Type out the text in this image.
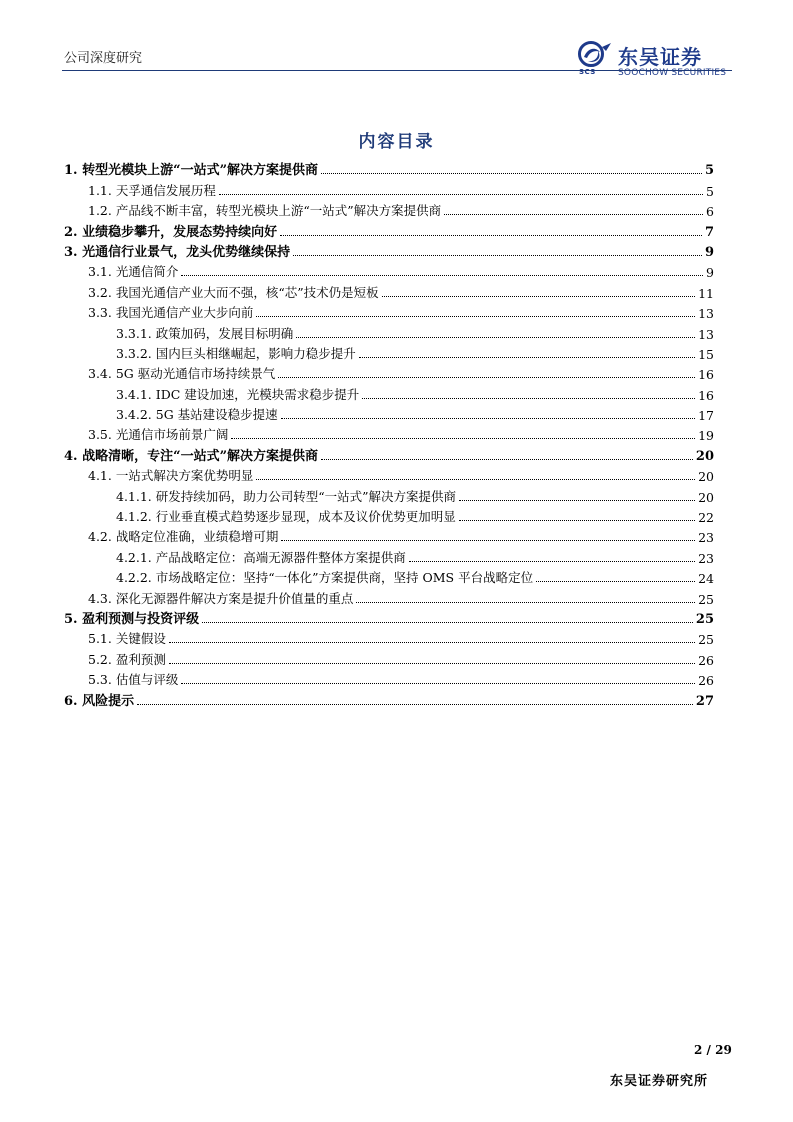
公司深度研究	东吴证券
SCS SOOCHOW SECURITIES
内容目录
1. 转型光模块上游“一站式”解决方案提供商	5
1.1. 天孚通信发展历程	5
1.2. 产品线不断丰富，转型光模块上游“一站式”解决方案提供商	6
2. 业绩稳步攀升，发展态势持续向好	7
3. 光通信行业景气，龙头优势继续保持	9
3.1. 光通信简介	9
3.2. 我国光通信产业大而不强，核“芯”技术仍是短板	11
3.3. 我国光通信产业大步向前	13
3.3.1. 政策加码，发展目标明确	13
3.3.2. 国内巨头相继崛起，影响力稳步提升	15
3.4. 5G 驱动光通信市场持续景气	16
3.4.1. IDC 建设加速，光模块需求稳步提升	16
3.4.2. 5G 基站建设稳步提速	17
3.5. 光通信市场前景广阔	19
4. 战略清晰，专注“一站式”解决方案提供商	20
4.1. 一站式解决方案优势明显	20
4.1.1. 研发持续加码，助力公司转型“一站式”解决方案提供商	20
4.1.2. 行业垂直模式趋势逐步显现，成本及议价优势更加明显	22
4.2. 战略定位准确，业绩稳增可期	23
4.2.1. 产品战略定位：高端无源器件整体方案提供商	23
4.2.2. 市场战略定位：坚持“一体化”方案提供商，坚持 OMS 平台战略定位	24
4.3. 深化无源器件解决方案是提升价值量的重点	25
5. 盈利预测与投资评级	25
5.1. 关键假设	25
5.2. 盈利预测	26
5.3. 估值与评级	26
6. 风险提示	27
2 / 29
东吴证券研究所
